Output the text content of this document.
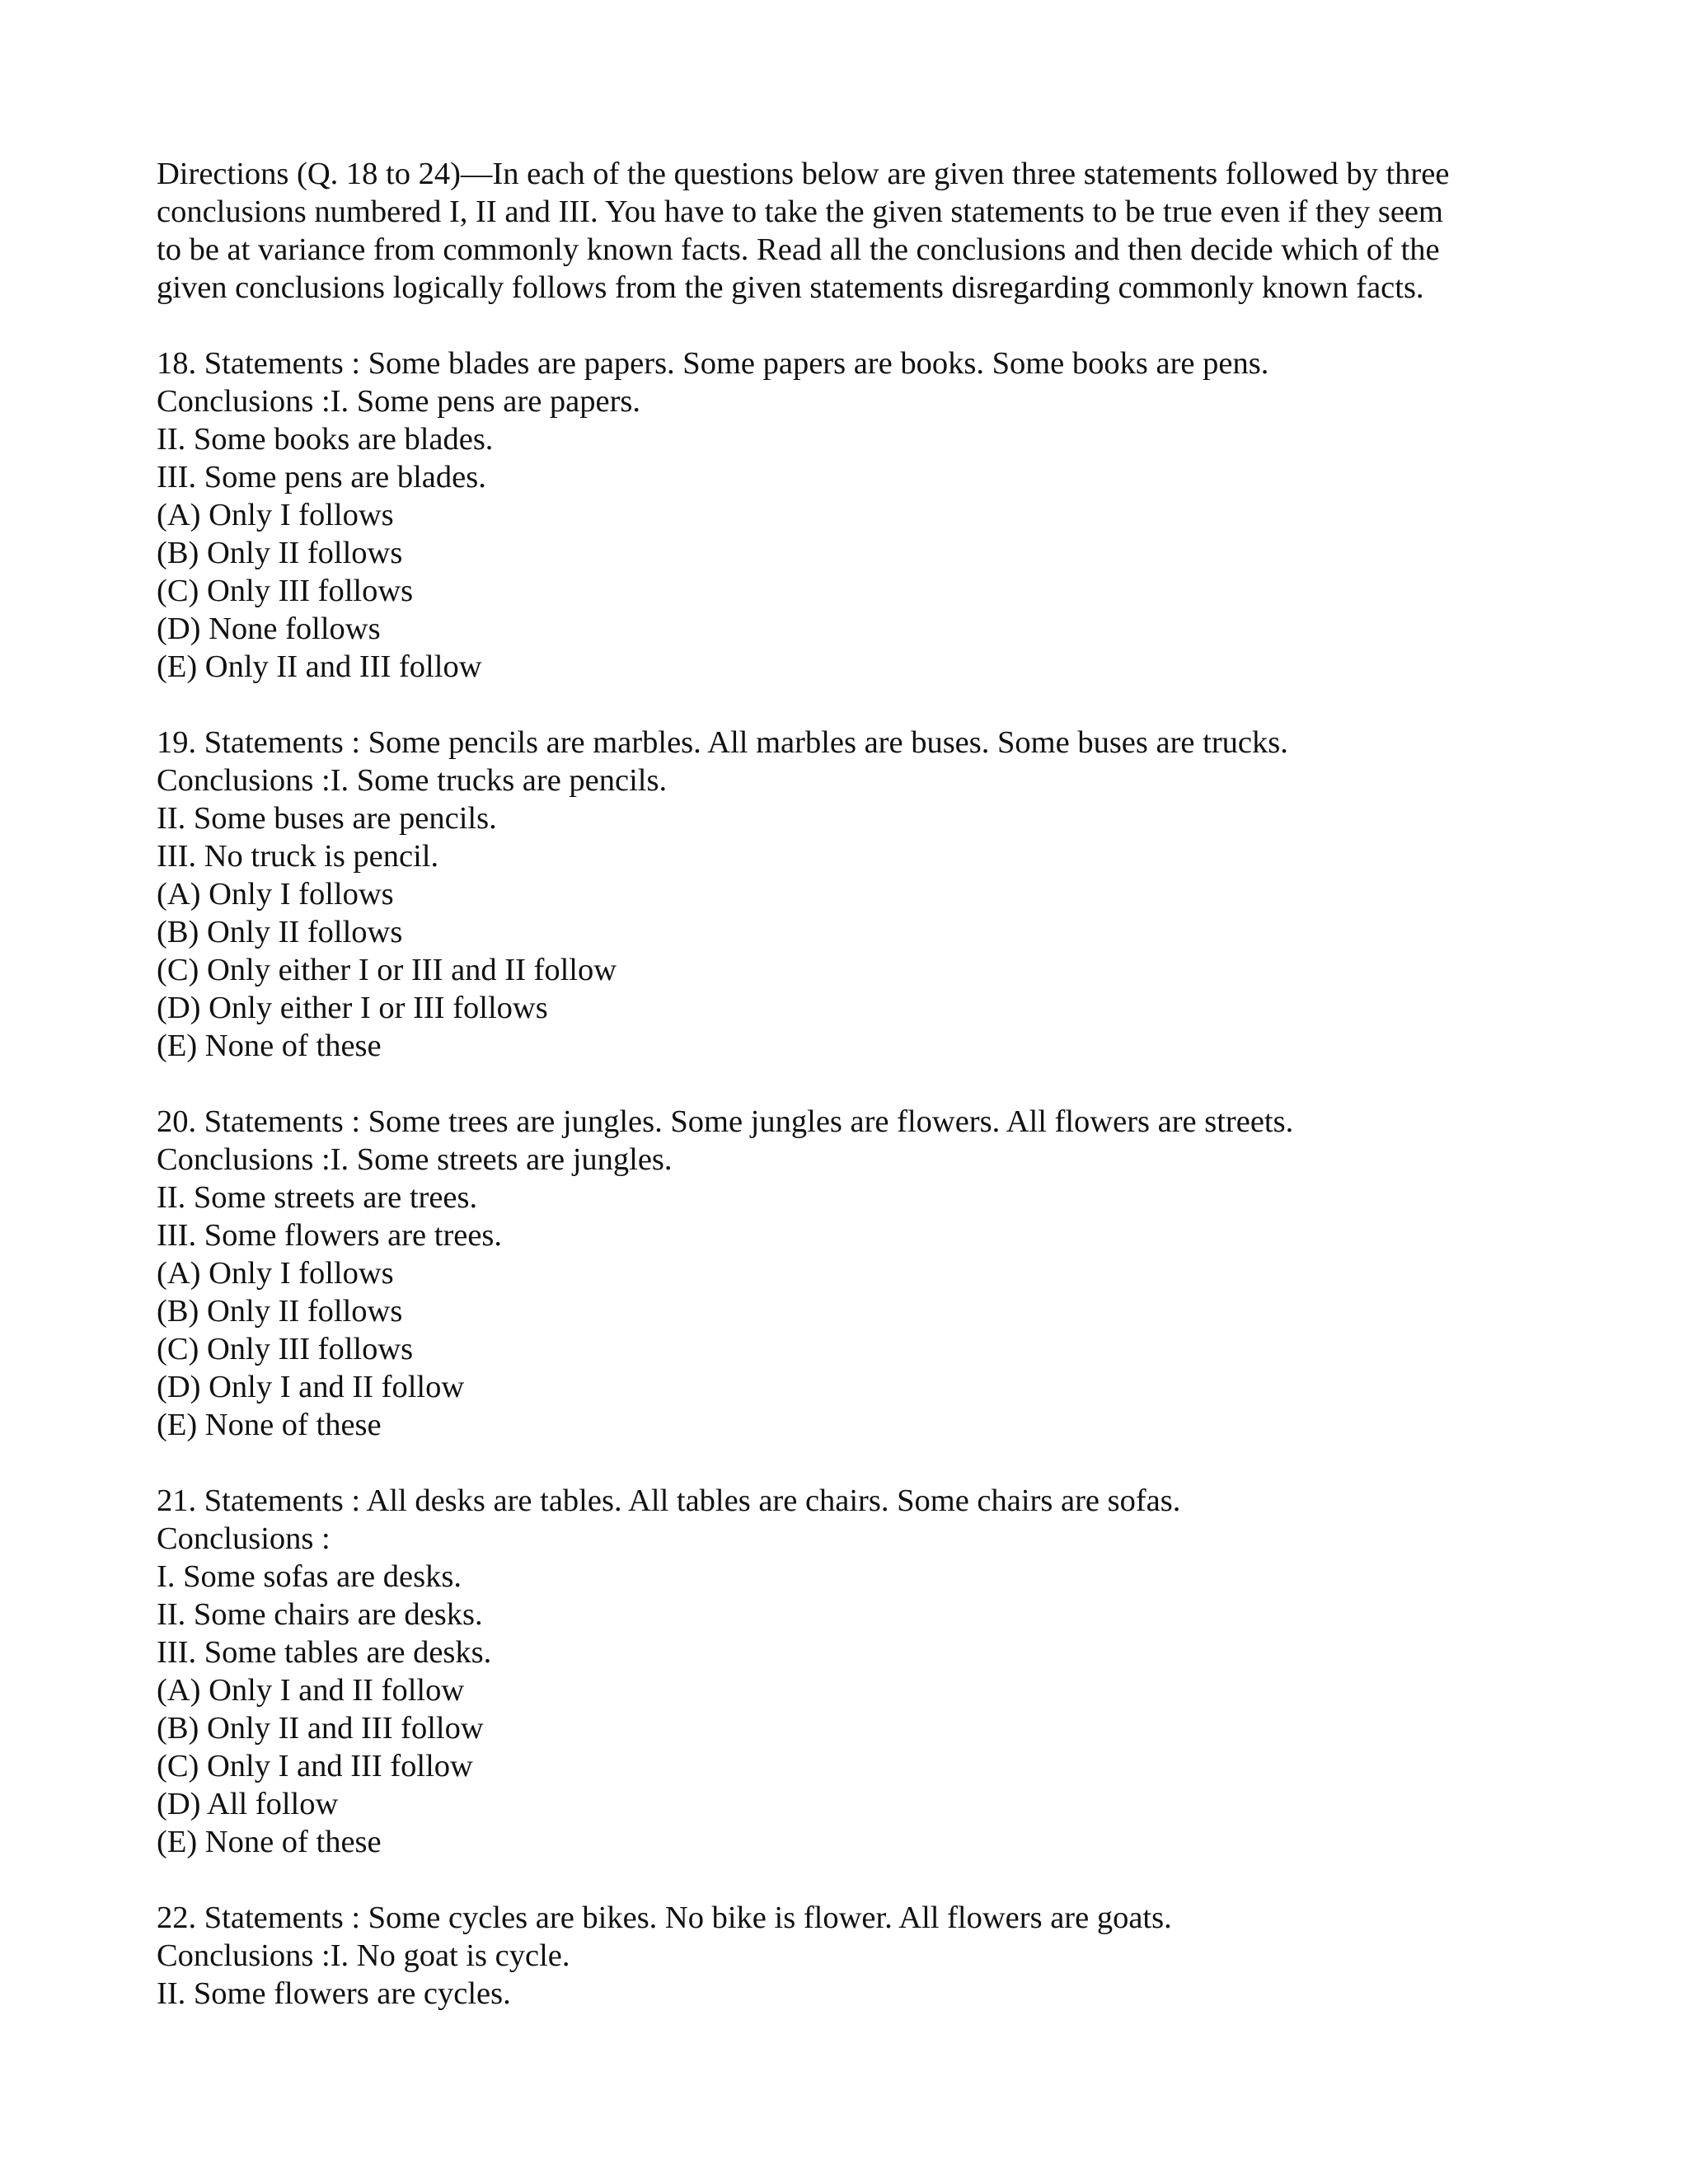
Directions (Q. 18 to 24)—In each of the questions below are given three statements followed by three
conclusions numbered I, II and III. You have to take the given statements to be true even if they seem
to be at variance from commonly known facts. Read all the conclusions and then decide which of the
given conclusions logically follows from the given statements disregarding commonly known facts.
18. Statements : Some blades are papers. Some papers are books. Some books are pens.
Conclusions :I. Some pens are papers.
II. Some books are blades.
III. Some pens are blades.
(A) Only I follows
(B) Only II follows
(C) Only III follows
(D) None follows
(E) Only II and III follow
19. Statements : Some pencils are marbles. All marbles are buses. Some buses are trucks.
Conclusions :I. Some trucks are pencils.
II. Some buses are pencils.
III. No truck is pencil.
(A) Only I follows
(B) Only II follows
(C) Only either I or III and II follow
(D) Only either I or III follows
(E) None of these
20. Statements : Some trees are jungles. Some jungles are flowers. All flowers are streets.
Conclusions :I. Some streets are jungles.
II. Some streets are trees.
III. Some flowers are trees.
(A) Only I follows
(B) Only II follows
(C) Only III follows
(D) Only I and II follow
(E) None of these
21. Statements : All desks are tables. All tables are chairs. Some chairs are sofas.
Conclusions :
I. Some sofas are desks.
II. Some chairs are desks.
III. Some tables are desks.
(A) Only I and II follow
(B) Only II and III follow
(C) Only I and III follow
(D) All follow
(E) None of these
22. Statements : Some cycles are bikes. No bike is flower. All flowers are goats.
Conclusions :I. No goat is cycle.
II. Some flowers are cycles.
